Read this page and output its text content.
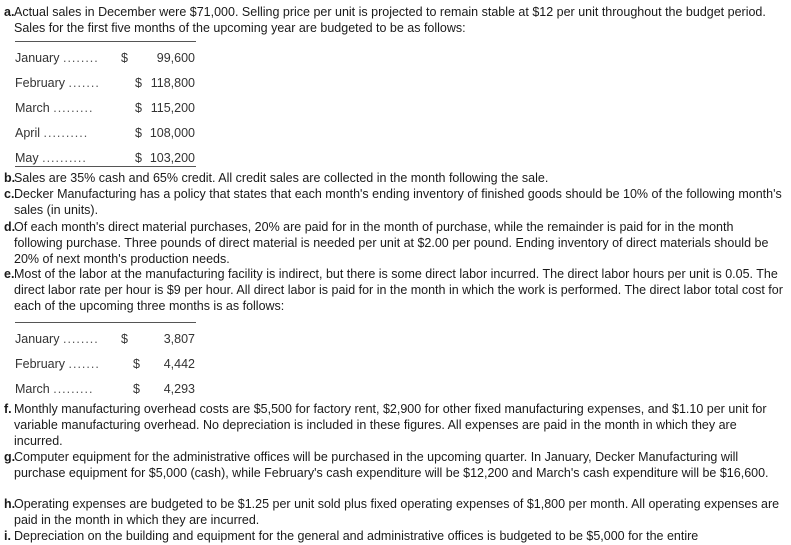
a. Actual sales in December were $71,000. Selling price per unit is projected to remain stable at $12 per unit throughout the budget period. Sales for the first five months of the upcoming year are budgeted to be as follows:
January ........ $ 99,600
February .......	$ 118,800
March .........	$ 115,200
April ..........	$ 108,000
May ..........	$ 103,200
b.
Sales are 35% cash and 65% credit. All credit sales are collected in the month following the sale.
c. Decker Manufacturing has a policy that states that each month's ending inventory of finished goods should be 10% of the following month's sales (in units).
d.
Of each month's direct material purchases, 20% are paid for in the month of purchase, while the remainder is paid for in the month following purchase. Three pounds of direct material is needed per unit at $2.00 per pound. Ending inventory of direct materials should be 20% of next month's production needs.
e. Most of the labor at the manufacturing facility is indirect, but there is some direct labor incurred. The direct labor hours per unit is 0.05. The direct labor rate per hour is $9 per hour. All direct labor is paid for in the month in which the work is performed. The direct labor total cost for each of the upcoming three months is as follows:
January ........ $	3,807
February .......	$ 4,442
March .........	$ 4,293
f. Monthly manufacturing overhead costs are $5,500 for factory rent, $2,900 for other fixed manufacturing expenses, and $1.10 per unit for variable manufacturing overhead. No depreciation is included in these figures. All expenses are paid in the month in which they are incurred.
g.
Computer equipment for the administrative offices will be purchased in the upcoming quarter. In January, Decker Manufacturing will purchase equipment for $5,000 (cash), while February's cash expenditure will be $12,200 and March's cash expenditure will be $16,600.
h.
Operating expenses are budgeted to be $1.25 per unit sold plus fixed operating expenses of $1,800 per month. All operating expenses are paid in the month in which they are incurred.
i. Depreciation on the building and equipment for the general and administrative offices is budgeted to be $5,000 for the entire
